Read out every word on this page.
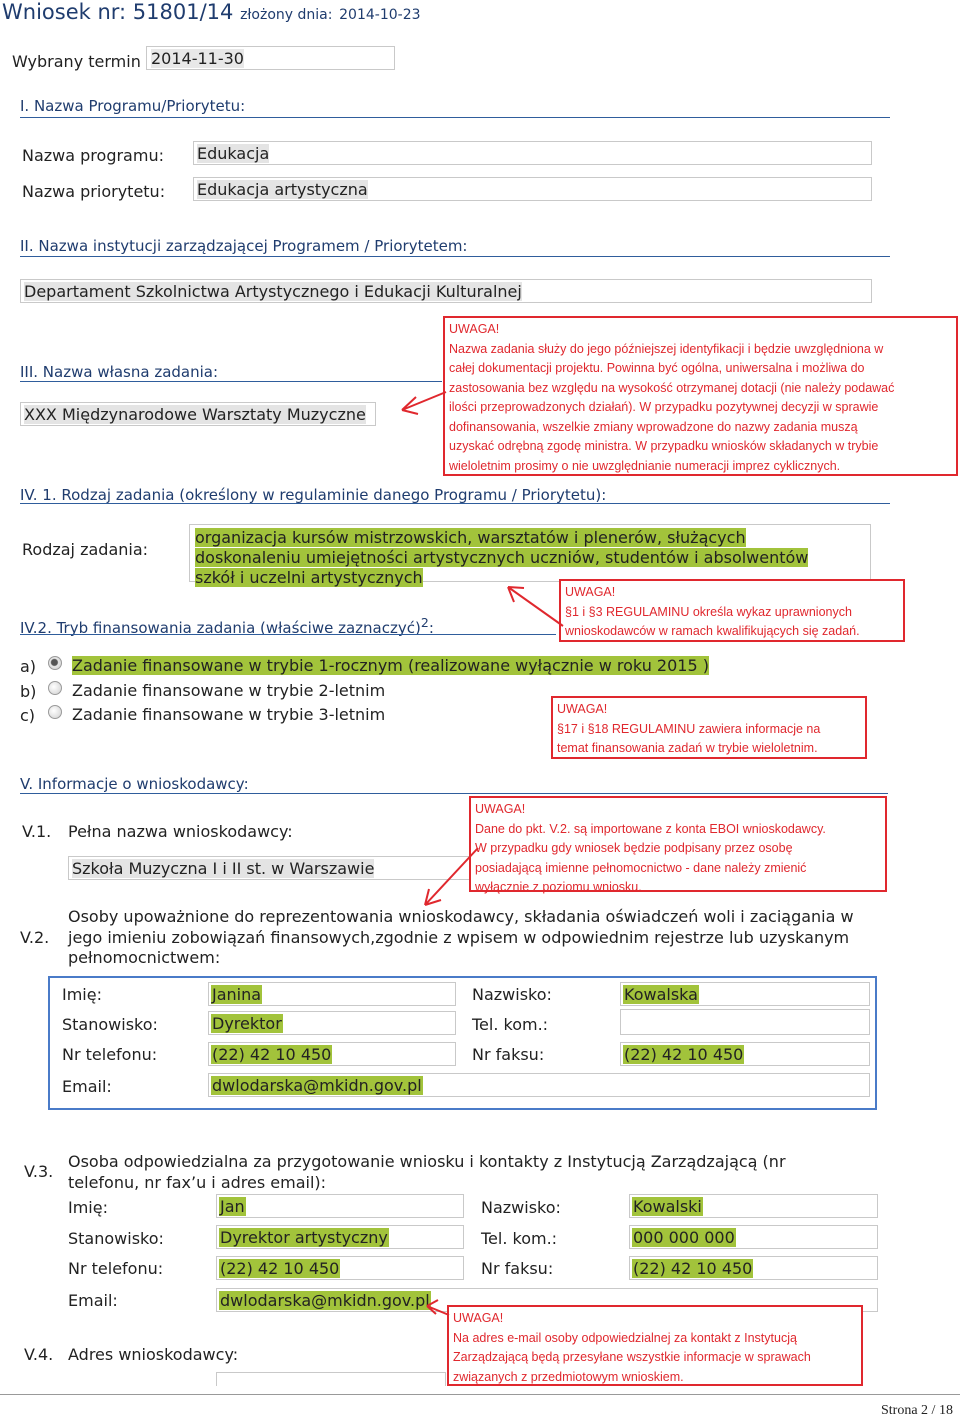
Wniosek nr: 51801/14 złożony dnia: 2014-10-23
Wybrany termin 2014-11-30
I. Nazwa Programu/Priorytetu:
Nazwa programu: Edukacja
Nazwa priorytetu: Edukacja artystyczna
II. Nazwa instytucji zarządzającej Programem / Priorytetem:
Departament Szkolnictwa Artystycznego i Edukacji Kulturalnej
III. Nazwa własna zadania:
XXX Międzynarodowe Warsztaty Muzyczne
UWAGA!
Nazwa zadania służy do jego późniejszej identyfikacji i będzie uwzględniona w
całej dokumentacji projektu. Powinna być ogólna, uniwersalna i możliwa do
zastosowania bez względu na wysokość otrzymanej dotacji (nie należy podawać
ilości przeprowadzonych działań). W przypadku pozytywnej decyzji w sprawie
dofinansowania, wszelkie zmiany wprowadzone do nazwy zadania muszą
uzyskać odrębną zgodę ministra. W przypadku wniosków składanych w trybie
wieloletnim prosimy o nie uwzględnianie numeracji imprez cyklicznych.
IV. 1. Rodzaj zadania (określony w regulaminie danego Programu / Priorytetu):
Rodzaj zadania:
organizacja kursów mistrzowskich, warsztatów i plenerów, służących
doskonaleniu umiejętności artystycznych uczniów, studentów i absolwentów
szkół i uczelni artystycznych
IV.2. Tryb finansowania zadania (właściwe zaznaczyć)$^2$:
UWAGA!
§1 i §3 REGULAMINU określa wykaz uprawnionych
wnioskodawców w ramach kwalifikujących się zadań.
a) Zadanie finansowane w trybie 1-rocznym (realizowane wyłącznie w roku 2015 )
b) Zadanie finansowane w trybie 2-letnim
c) Zadanie finansowane w trybie 3-letnim	UWAGA!
§17 i §18 REGULAMINU zawiera informacje na
temat finansowania zadań w trybie wieloletnim.
V. Informacje o wnioskodawcy:
V.1. Pełna nazwa wnioskodawcy:
Szkoła Muzyczna I i II st. w Warszawie
UWAGA!
Dane do pkt. V.2. są importowane z konta EBOI wnioskodawcy.
W przypadku gdy wniosek będzie podpisany przez osobę
posiadającą imienne pełnomocnictwo - dane należy zmienić
wyłącznie z poziomu wniosku.
V.2.
Osoby upoważnione do reprezentowania wnioskodawcy, składania oświadczeń woli i zaciągania w
jego imieniu zobowiązań finansowych,zgodnie z wpisem w odpowiednim rejestrze lub uzyskanym
pełnomocnictwem:
Imię:	Janina	Nazwisko:	Kowalska
Stanowisko:	Dyrektor	Tel. kom.:
Nr telefonu:	(22) 42 10 450	Nr faksu:	(22) 42 10 450
Email:	dwlodarska@mkidn.gov.pl
V.3.
Osoba odpowiedzialna za przygotowanie wniosku i kontakty z Instytucją Zarządzającą (nr
telefonu, nr fax’u i adres email):
Imię:	Jan	Nazwisko:	Kowalski
Stanowisko:	Dyrektor artystyczny	Tel. kom.:	000 000 000
Nr telefonu:	(22) 42 10 450	Nr faksu:	(22) 42 10 450
Email:	dwlodarska@mkidn.gov.pl
UWAGA!
Na adres e-mail osoby odpowiedzialnej za kontakt z Instytucją
Zarządzającą będą przesyłane wszystkie informacje w sprawach
związanych z przedmiotowym wnioskiem.
V.4. Adres wnioskodawcy:
Strona 2 / 18
